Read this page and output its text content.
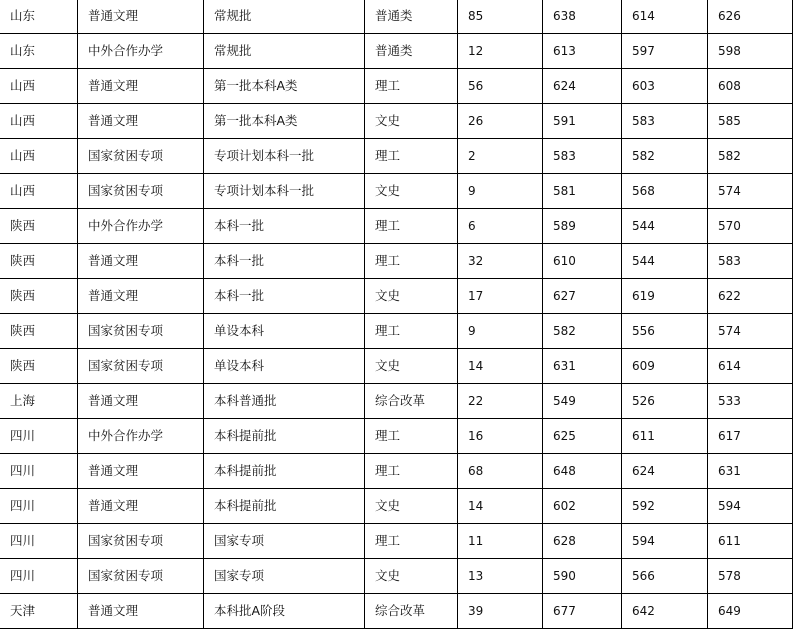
山东	普通文理	常规批	普通类	85	638	614	626
山东	中外合作办学	常规批	普通类	12	613	597	598
山西	普通文理	第一批本科A类	理工	56	624	603	608
山西	普通文理	第一批本科A类	文史	26	591	583	585
山西	国家贫困专项	专项计划本科一批	理工	2	583	582	582
山西	国家贫困专项	专项计划本科一批	文史	9	581	568	574
陕西	中外合作办学	本科一批	理工	6	589	544	570
陕西	普通文理	本科一批	理工	32	610	544	583
陕西	普通文理	本科一批	文史	17	627	619	622
陕西	国家贫困专项	单设本科	理工	9	582	556	574
陕西	国家贫困专项	单设本科	文史	14	631	609	614
上海	普通文理	本科普通批	综合改革	22	549	526	533
四川	中外合作办学	本科提前批	理工	16	625	611	617
四川	普通文理	本科提前批	理工	68	648	624	631
四川	普通文理	本科提前批	文史	14	602	592	594
四川	国家贫困专项	国家专项	理工	11	628	594	611
四川	国家贫困专项	国家专项	文史	13	590	566	578
天津	普通文理	本科批A阶段	综合改革	39	677	642	649
